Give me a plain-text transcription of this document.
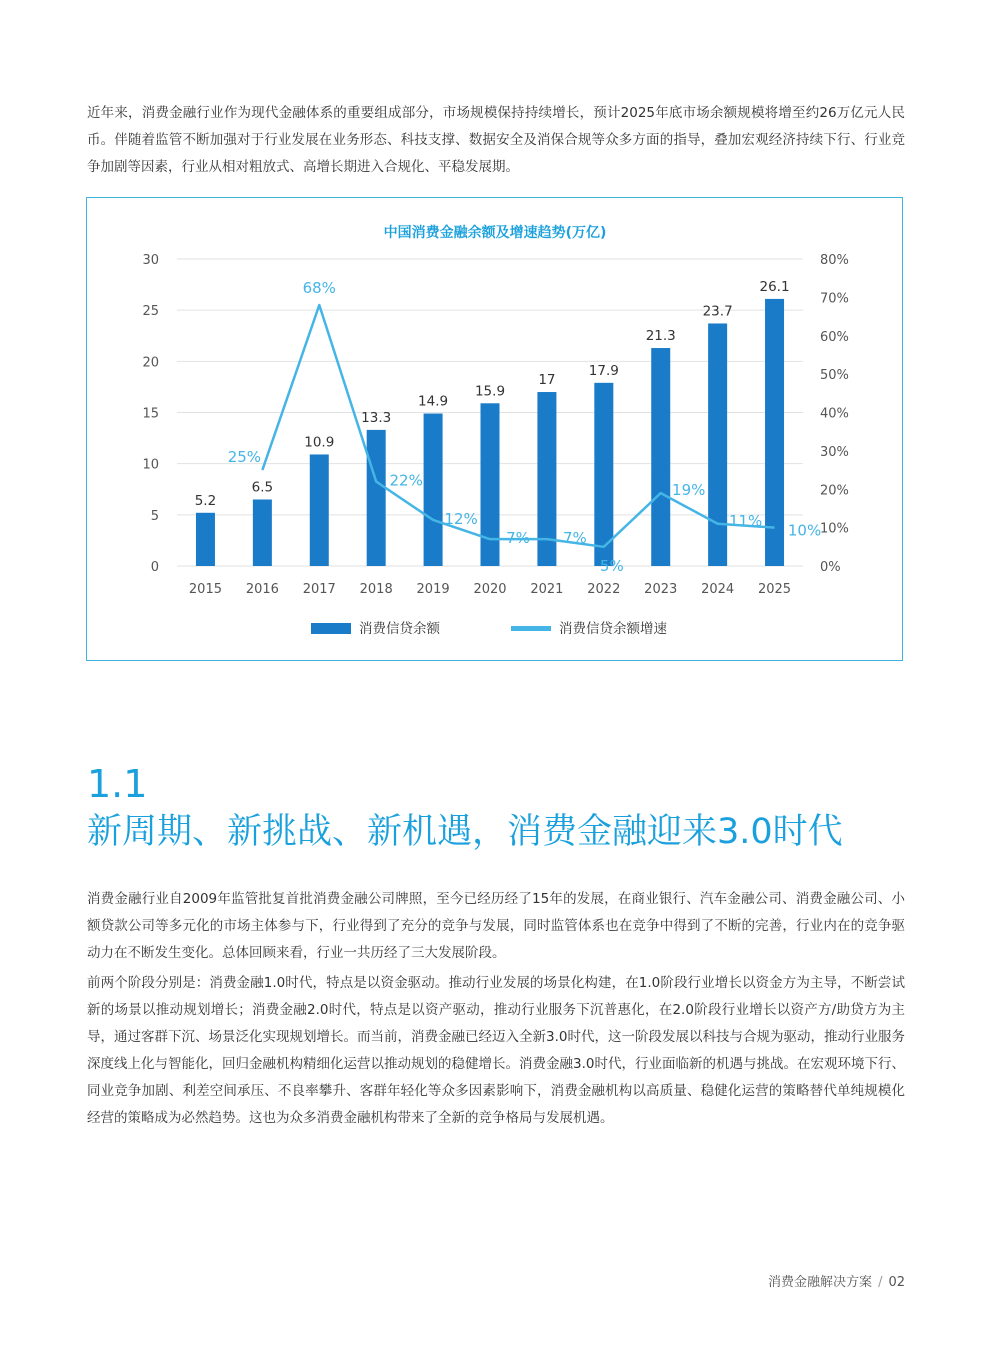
近年来，消费金融行业作为现代金融体系的重要组成部分，市场规模保持持续增长，预计2025年底市场余额规模将增至约26万亿元人民币。伴随着监管不断加强对于行业发展在业务形态、科技支撑、数据安全及消保合规等众多方面的指导，叠加宏观经济持续下行、行业竞争加剧等因素，行业从相对粗放式、高增长期进入合规化、平稳发展期。

中国消费金融余额及增速趋势(万亿)
0
5
10
15
20
25
30
0%
10%
20%
30%
40%
50%
60%
70%
80%
5.2
6.5
10.9
13.3
14.9
15.9
17
17.9
21.3
23.7
26.1
2015 2016 2017 2018 2019 2020 2021 2022 2023 2024 2025
25%
68%
22%
12%
7% 7%
5%
19%
11%
10%
消费信贷余额	消费信贷余额增速
1.1
新周期、新挑战、新机遇，消费金融迎来3.0时代

消费金融行业自2009年监管批复首批消费金融公司牌照，至今已经历经了15年的发展，在商业银行、汽车金融公司、消费金融公司、小额贷款公司等多元化的市场主体参与下，行业得到了充分的竞争与发展，同时监管体系也在竞争中得到了不断的完善，行业内在的竞争驱动力在不断发生变化。总体回顾来看，行业一共历经了三大发展阶段。

前两个阶段分别是：消费金融1.0时代，特点是以资金驱动。推动行业发展的场景化构建，在1.0阶段行业增长以资金方为主导，不断尝试新的场景以推动规划增长；消费金融2.0时代，特点是以资产驱动，推动行业服务下沉普惠化，在2.0阶段行业增长以资产方/助贷方为主导，通过客群下沉、场景泛化实现规划增长。而当前，消费金融已经迈入全新3.0时代，这一阶段发展以科技与合规为驱动，推动行业服务深度线上化与智能化，回归金融机构精细化运营以推动规划的稳健增长。消费金融3.0时代，行业面临新的机遇与挑战。在宏观环境下行、同业竞争加剧、利差空间承压、不良率攀升、客群年轻化等众多因素影响下，消费金融机构以高质量、稳健化运营的策略替代单纯规模化经营的策略成为必然趋势。这也为众多消费金融机构带来了全新的竞争格局与发展机遇。

消费金融解决方案 / 02
